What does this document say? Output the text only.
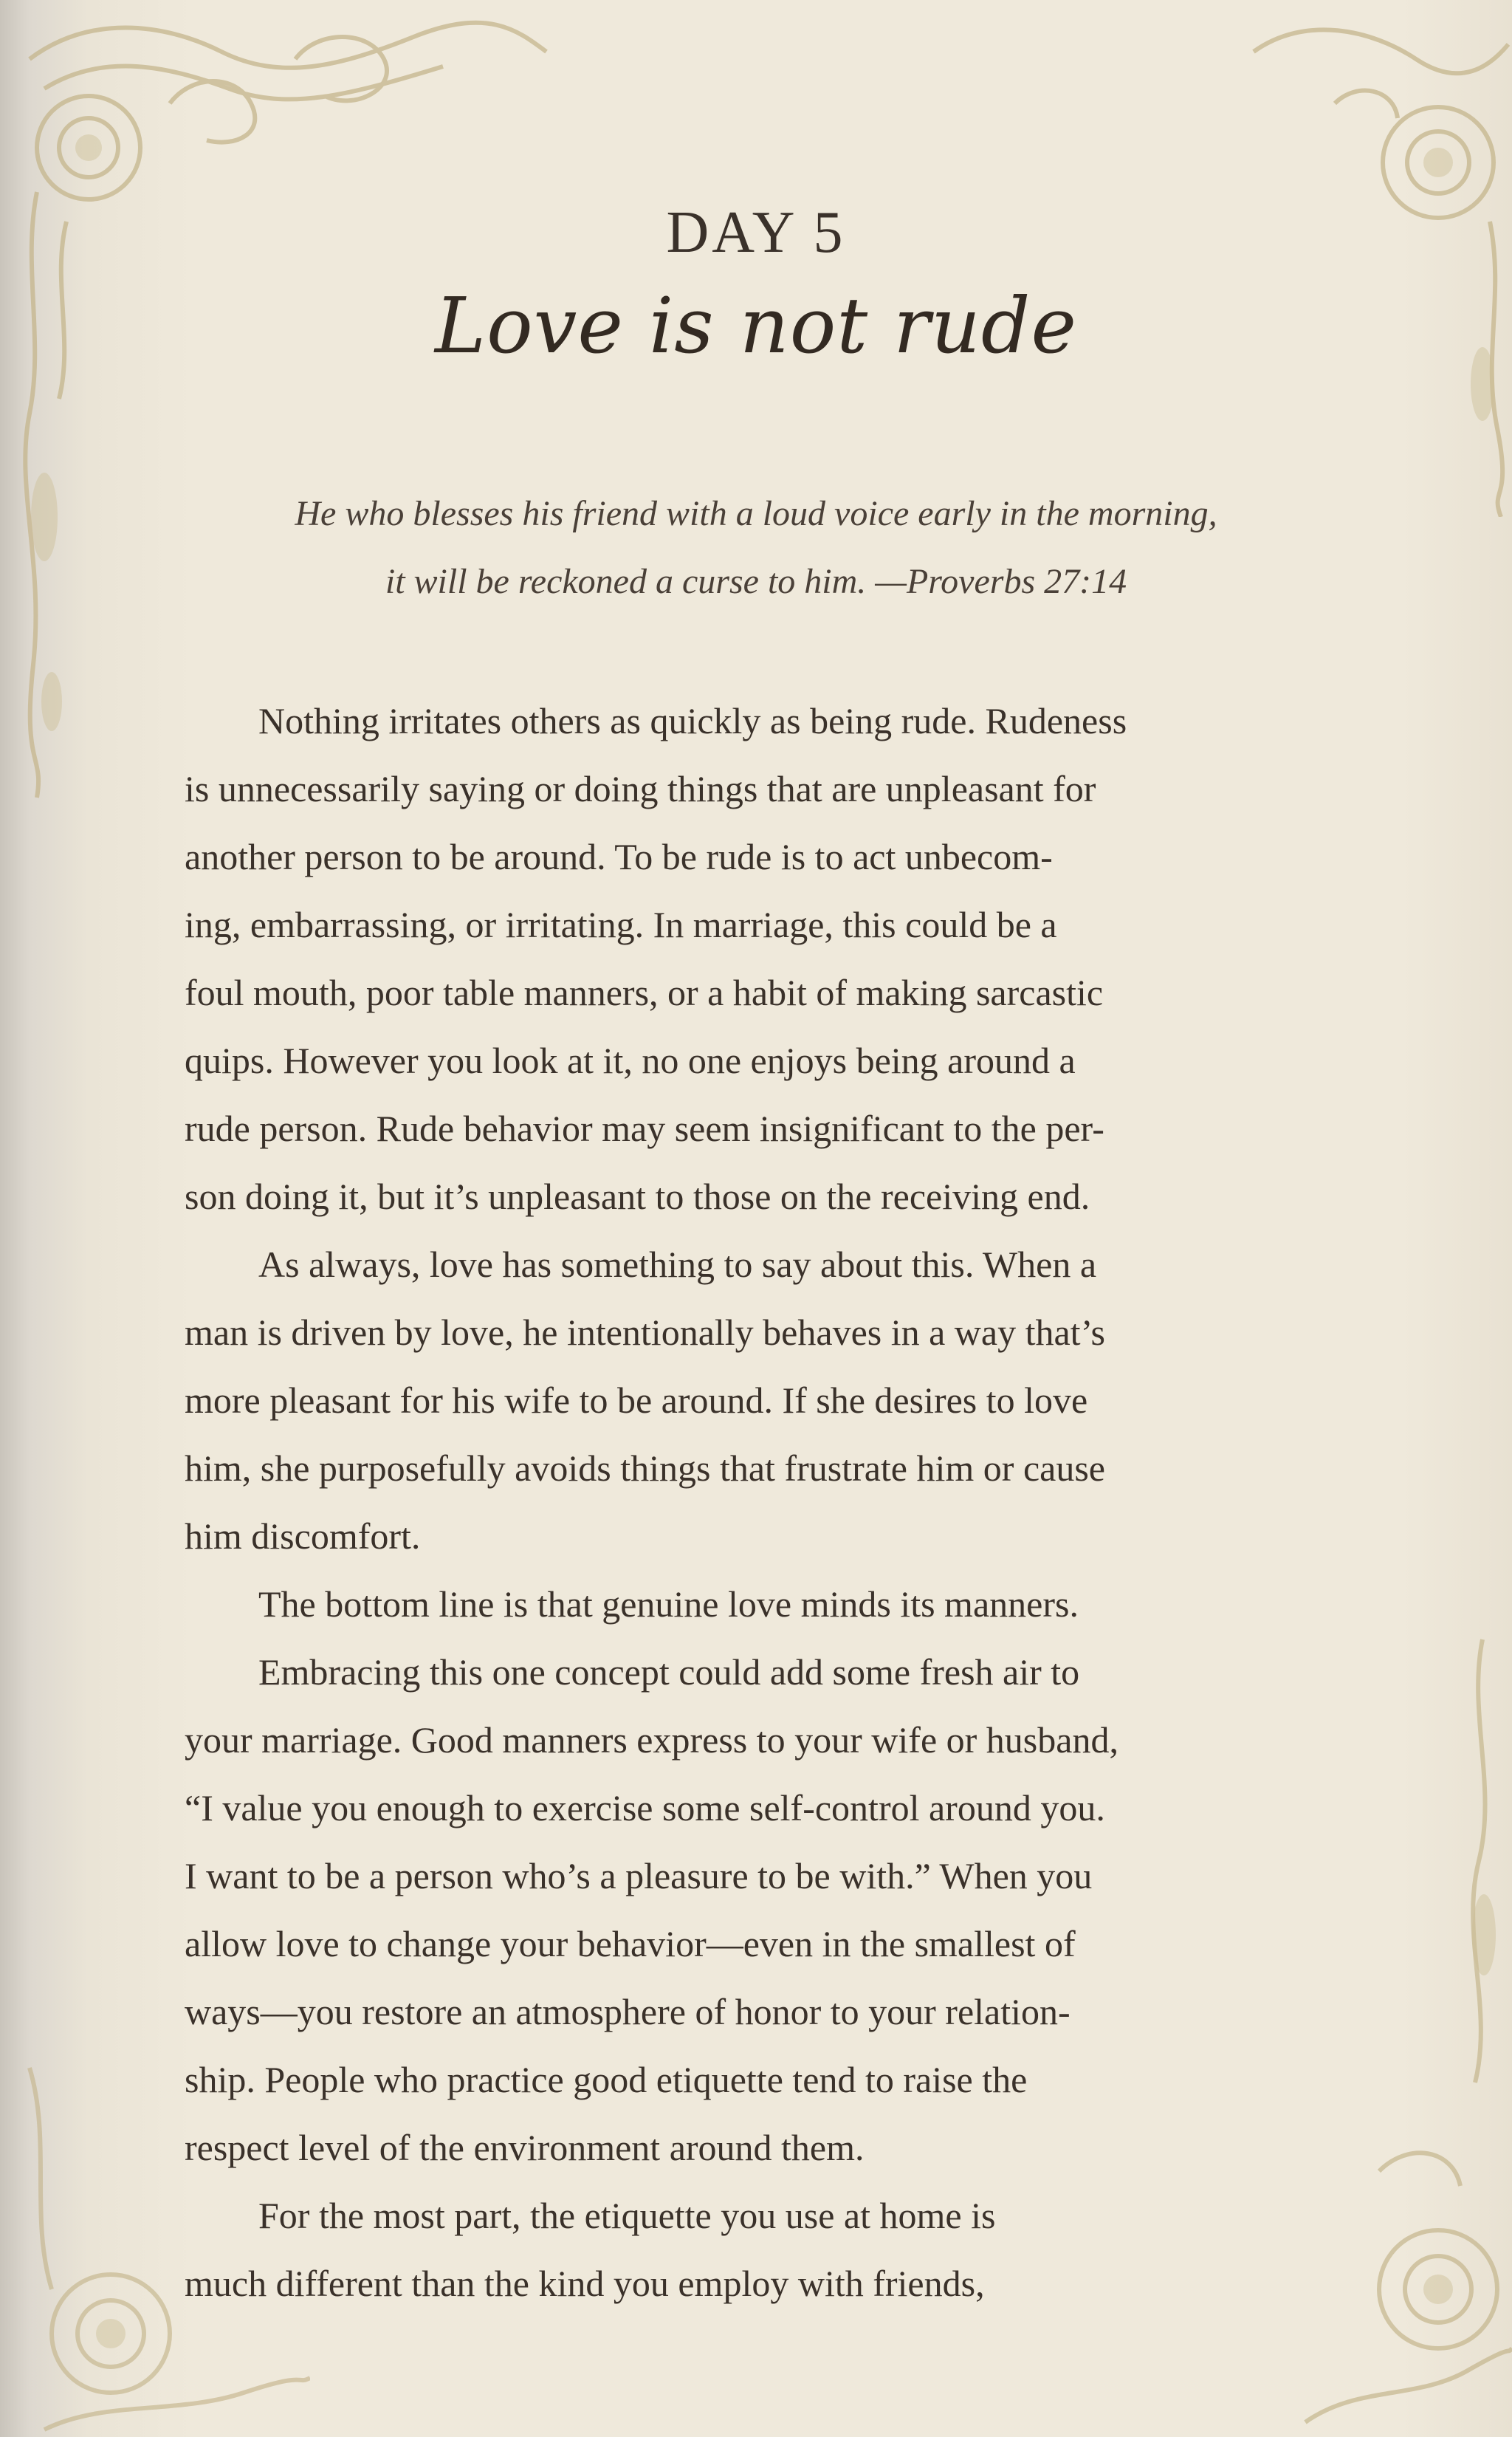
DAY 5
Love is not rude
He who blesses his friend with a loud voice early in the morning,
it will be reckoned a curse to him. —Proverbs 27:14
Nothing irritates others as quickly as being rude. Rudeness
is unnecessarily saying or doing things that are unpleasant for
another person to be around. To be rude is to act unbecom-
ing, embarrassing, or irritating. In marriage, this could be a
foul mouth, poor table manners, or a habit of making sarcastic
quips. However you look at it, no one enjoys being around a
rude person. Rude behavior may seem insignificant to the per-
son doing it, but it’s unpleasant to those on the receiving end.
As always, love has something to say about this. When a
man is driven by love, he intentionally behaves in a way that’s
more pleasant for his wife to be around. If she desires to love
him, she purposefully avoids things that frustrate him or cause
him discomfort.
The bottom line is that genuine love minds its manners.
Embracing this one concept could add some fresh air to
your marriage. Good manners express to your wife or husband,
“I value you enough to exercise some self-control around you.
I want to be a person who’s a pleasure to be with.” When you
allow love to change your behavior—even in the smallest of
ways—you restore an atmosphere of honor to your relation-
ship. People who practice good etiquette tend to raise the
respect level of the environment around them.
For the most part, the etiquette you use at home is
much different than the kind you employ with friends,
